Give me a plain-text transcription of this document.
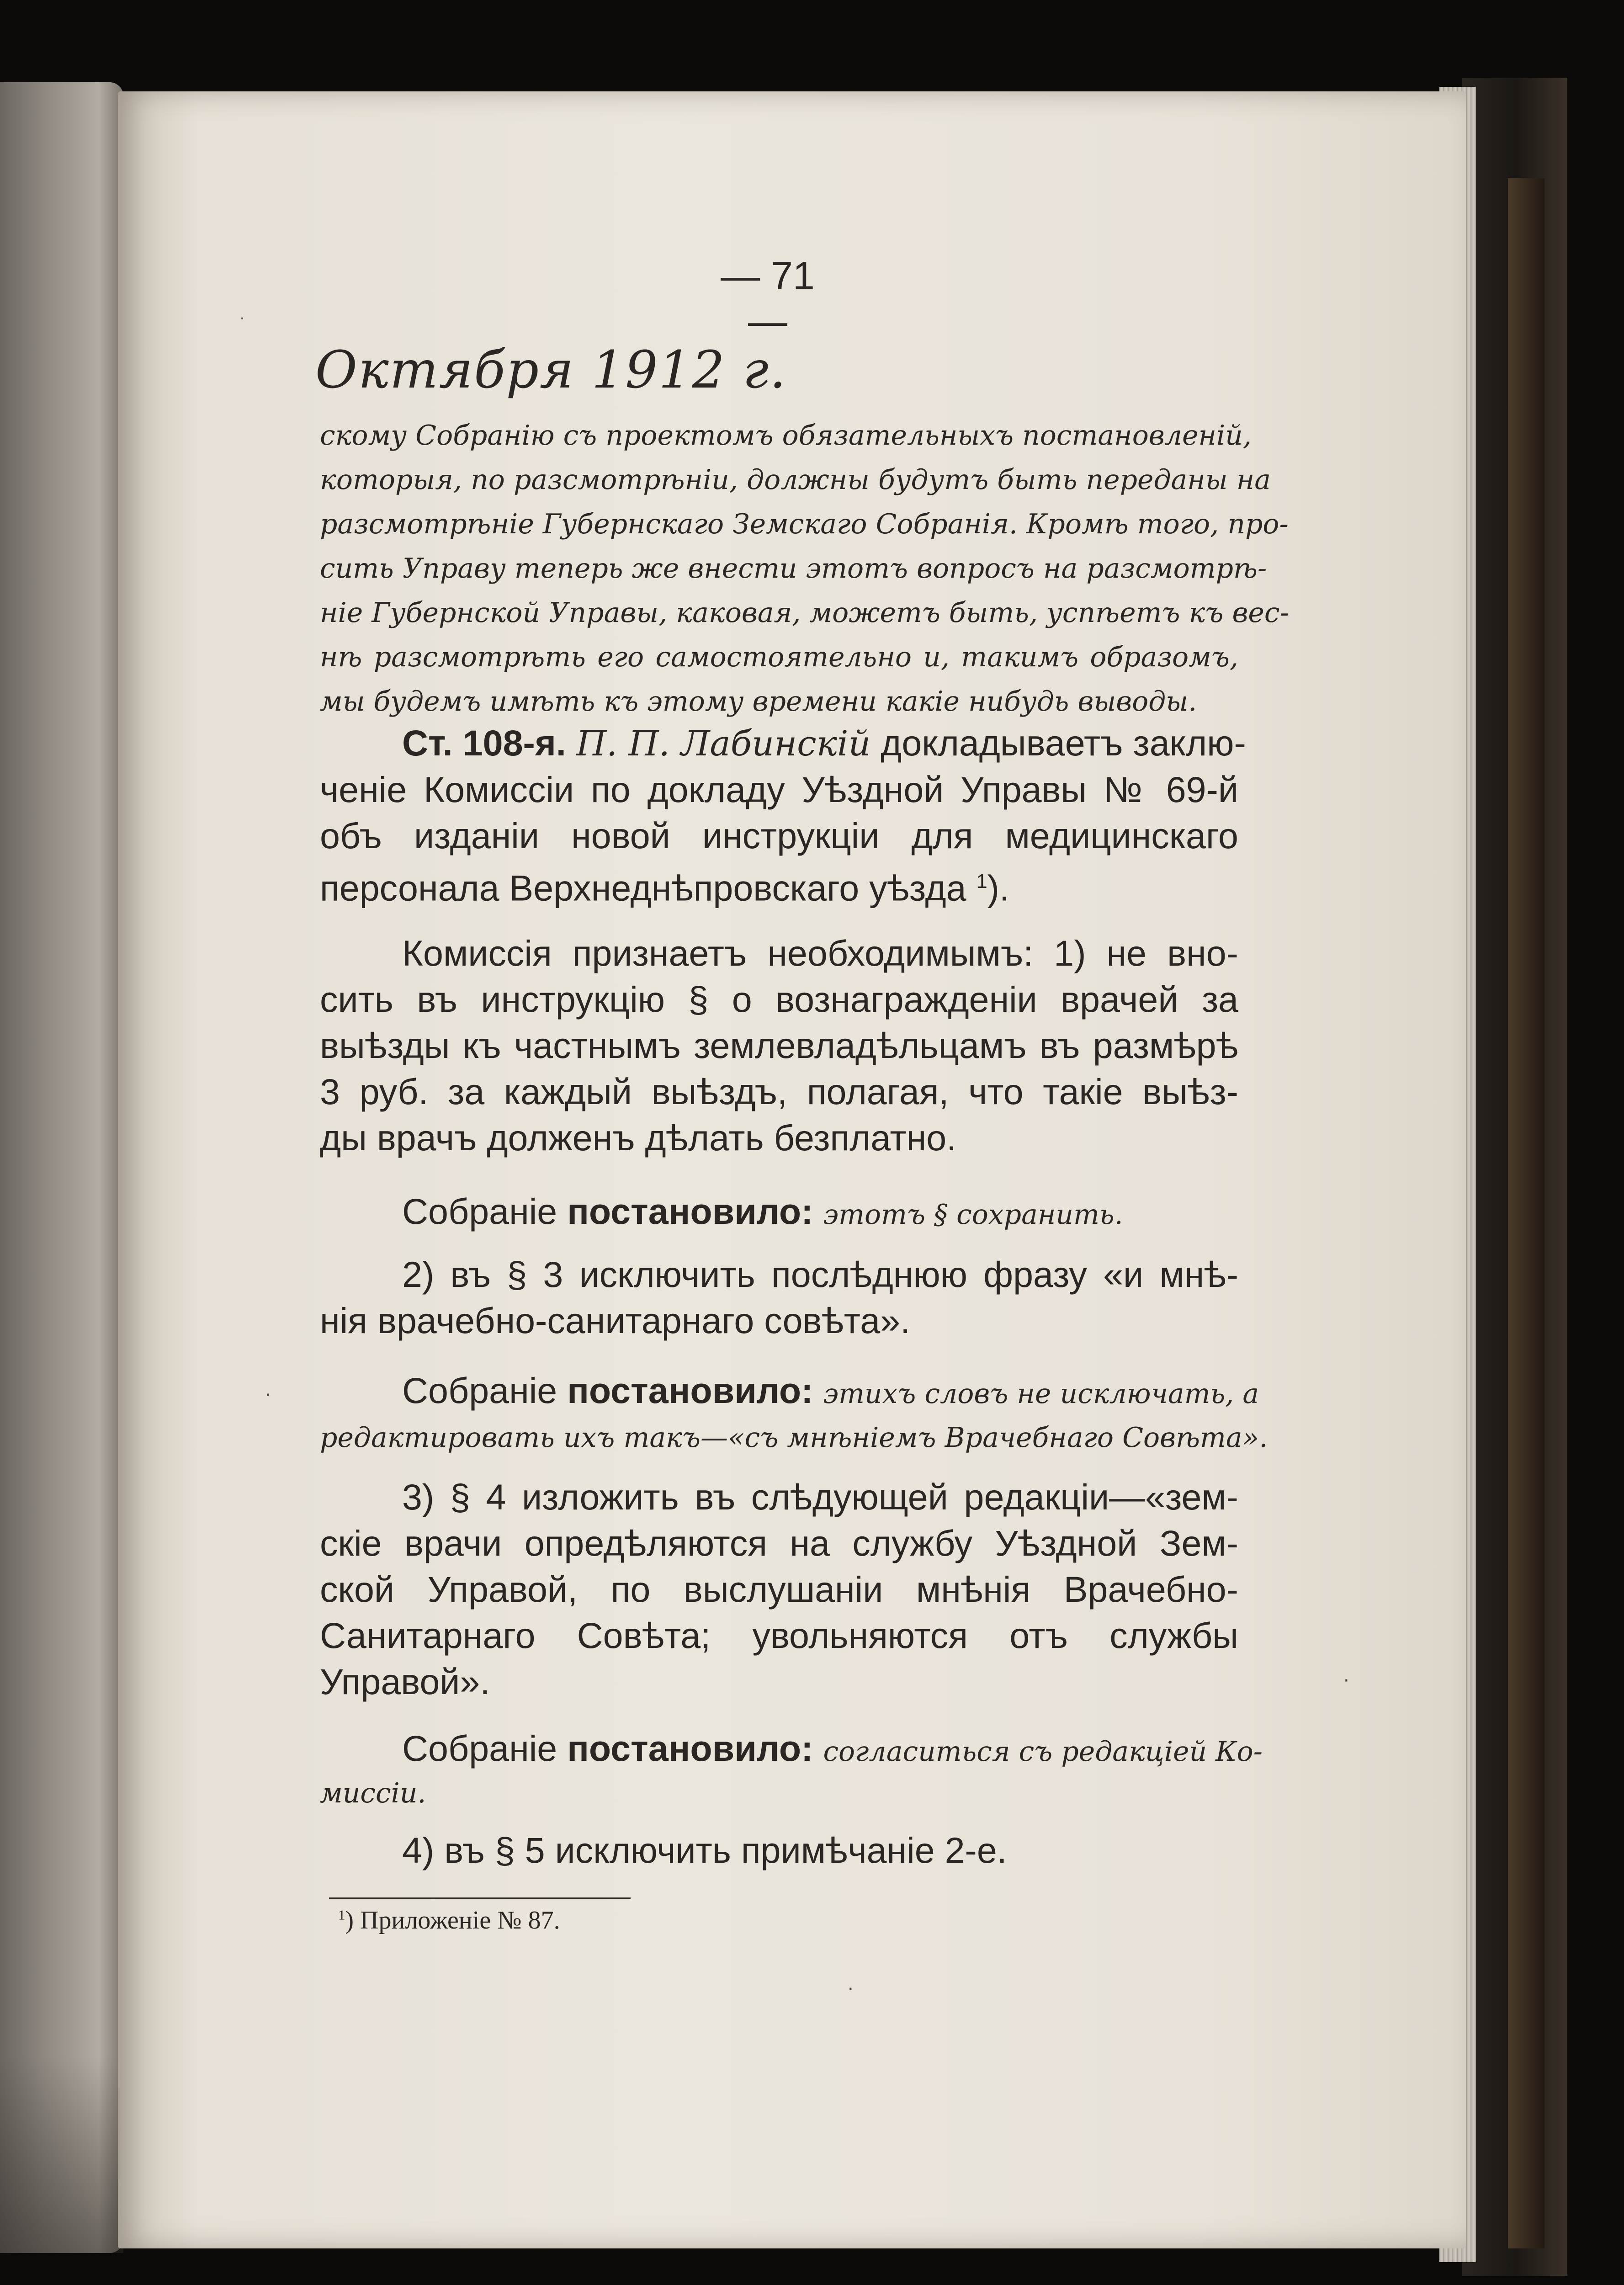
— 71 —
Октября 1912 г.
скому Собранію съ проектомъ обязательныхъ постановленій,
которыя, по разсмотрѣніи, должны будутъ быть переданы на
разсмотрѣніе Губернскаго Земскаго Собранія. Кромѣ того, про-
сить Управу теперь же внести этотъ вопросъ на разсмотрѣ-
ніе Губернской Управы, каковая, можетъ быть, успѣетъ къ вес-
нѣ разсмотрѣть его самостоятельно и, такимъ образомъ,
мы будемъ имѣть къ этому времени какіе нибудь выводы.
Ст. 108-я. П. П. Лабинскій докладываетъ заклю-
ченіе Комиссіи по докладу Уѣздной Управы № 69-й
объ изданіи новой инструкціи для медицинскаго
персонала Верхнеднѣпровскаго уѣзда $^1$).
Комиссія признаетъ необходимымъ: 1) не вно-
сить въ инструкцію § о вознагражденіи врачей за
выѣзды къ частнымъ землевладѣльцамъ въ размѣрѣ
3 руб. за каждый выѣздъ, полагая, что такіе выѣз-
ды врачъ долженъ дѣлать безплатно.
Собраніе постановило: этотъ § сохранить.
2) въ § 3 исключить послѣднюю фразу «и мнѣ-
нія врачебно-санитарнаго совѣта».
Собраніе постановило: этихъ словъ не исключать, а
редактировать ихъ такъ—«съ мнѣніемъ Врачебнаго Совѣта».
3) § 4 изложить въ слѣдующей редакціи—«зем-
скіе врачи опредѣляются на службу Уѣздной Зем-
ской Управой, по выслушаніи мнѣнія Врачебно-
Санитарнаго Совѣта; увольняются отъ службы
Управой».
Собраніе постановило: согласиться съ редакціей Ко-
миссіи.
4) въ § 5 исключить примѣчаніе 2-е.
$^1$) Приложеніе № 87.
·
·
·
·
